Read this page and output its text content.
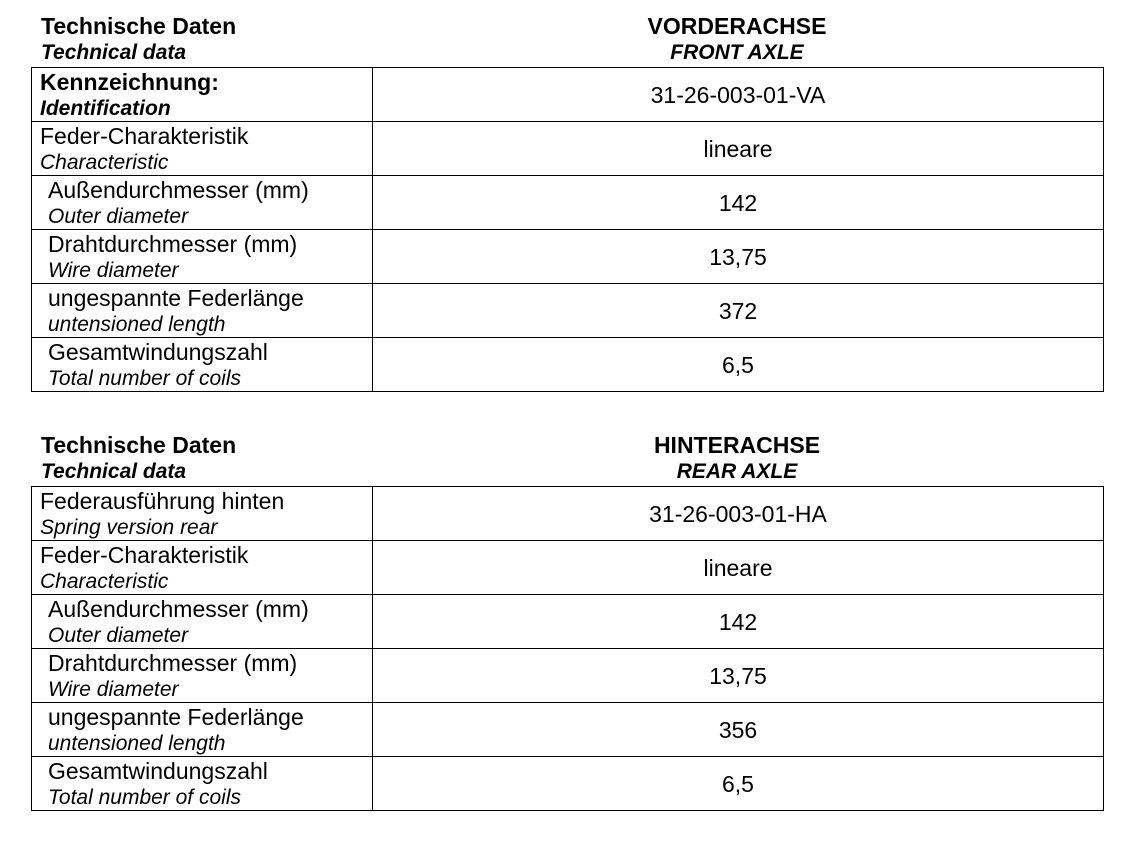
Technische Daten
Technical data
VORDERACHSE
FRONT AXLE
Kennzeichnung:
Identification	31-26-003-01-VA

Feder-Charakteristik
Characteristic	lineare

Außendurchmesser (mm)
Outer diameter	142

Drahtdurchmesser (mm)
Wire diameter	13,75

ungespannte Federlänge
untensioned length	372

Gesamtwindungszahl
Total number of coils	6,5
Technische Daten
Technical data
HINTERACHSE
REAR AXLE
Federausführung hinten
Spring version rear	31-26-003-01-HA

Feder-Charakteristik
Characteristic	lineare

Außendurchmesser (mm)
Outer diameter	142

Drahtdurchmesser (mm)
Wire diameter	13,75

ungespannte Federlänge
untensioned length	356

Gesamtwindungszahl
Total number of coils	6,5
